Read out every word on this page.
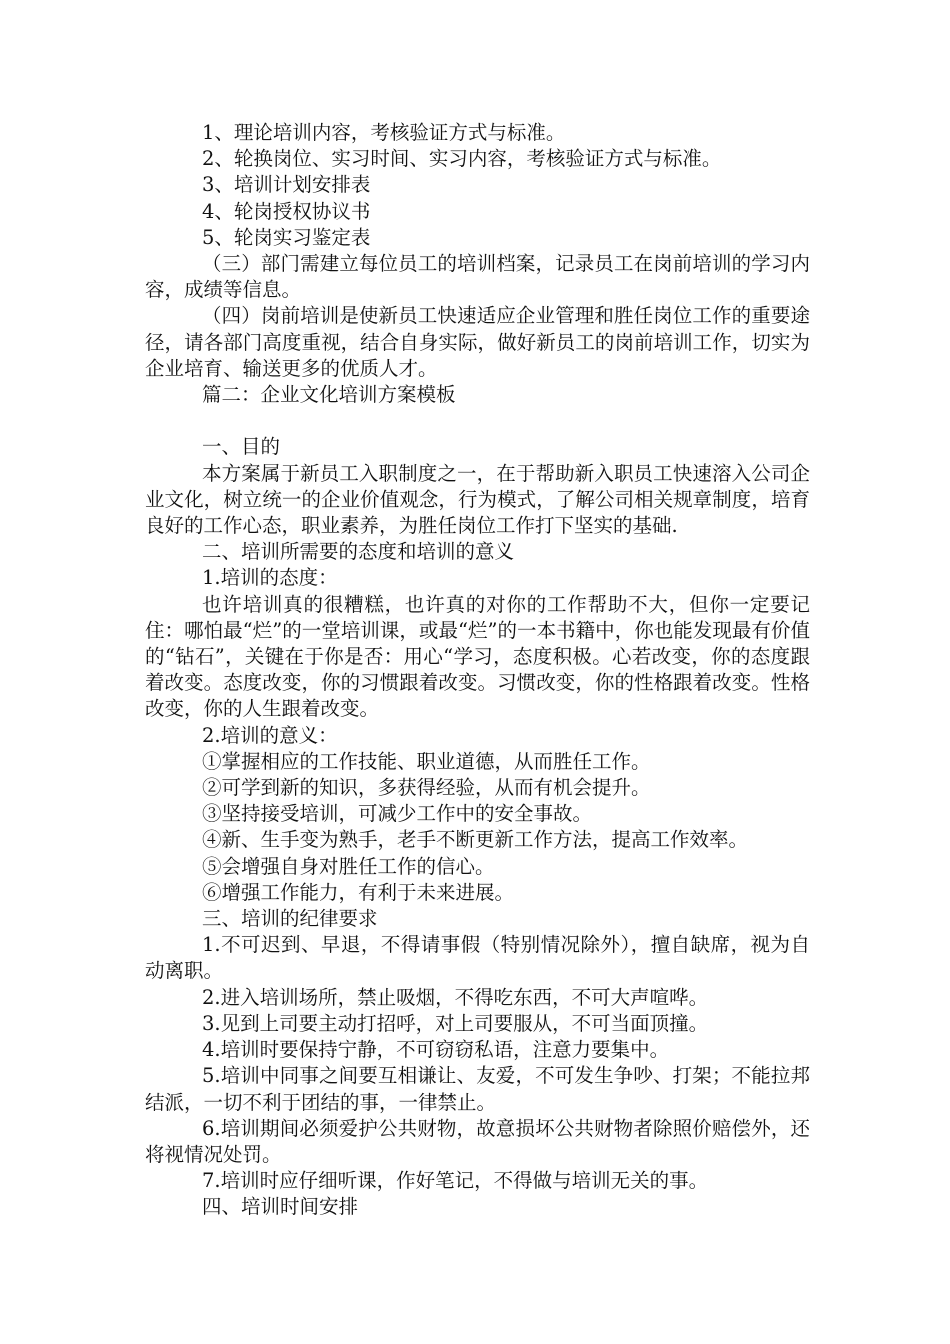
1、理论培训内容，考核验证方式与标准。

2、轮换岗位、实习时间、实习内容，考核验证方式与标准。

3、培训计划安排表

4、轮岗授权协议书

5、轮岗实习鉴定表

（三）部门需建立每位员工的培训档案，记录员工在岗前培训的学习内容，成绩等信息。

（四）岗前培训是使新员工快速适应企业管理和胜任岗位工作的重要途径，请各部门高度重视，结合自身实际，做好新员工的岗前培训工作，切实为企业培育、输送更多的优质人才。

篇二：企业文化培训方案模板

一、目的

本方案属于新员工入职制度之一，在于帮助新入职员工快速溶入公司企业文化，树立统一的企业价值观念，行为模式，了解公司相关规章制度，培育良好的工作心态，职业素养，为胜任岗位工作打下坚实的基础.

二、培训所需要的态度和培训的意义

1.培训的态度：

也许培训真的很糟糕，也许真的对你的工作帮助不大，但你一定要记住：哪怕最“烂”的一堂培训课，或最“烂”的一本书籍中，你也能发现最有价值的“钻石”，关键在于你是否：用心“学习，态度积极。心若改变，你的态度跟着改变。态度改变，你的习惯跟着改变。习惯改变，你的性格跟着改变。性格改变，你的人生跟着改变。

2.培训的意义：

①掌握相应的工作技能、职业道德，从而胜任工作。

②可学到新的知识，多获得经验，从而有机会提升。

③坚持接受培训，可减少工作中的安全事故。

④新、生手变为熟手，老手不断更新工作方法，提高工作效率。

⑤会增强自身对胜任工作的信心。

⑥增强工作能力，有利于未来进展。

三、培训的纪律要求

1.不可迟到、早退，不得请事假（特别情况除外），擅自缺席，视为自动离职。

2.进入培训场所，禁止吸烟，不得吃东西，不可大声喧哗。

3.见到上司要主动打招呼，对上司要服从，不可当面顶撞。

4.培训时要保持宁静，不可窃窃私语，注意力要集中。

5.培训中同事之间要互相谦让、友爱，不可发生争吵、打架；不能拉邦结派，一切不利于团结的事，一律禁止。

6.培训期间必须爱护公共财物，故意损坏公共财物者除照价赔偿外，还将视情况处罚。

7.培训时应仔细听课，作好笔记，不得做与培训无关的事。

四、培训时间安排
